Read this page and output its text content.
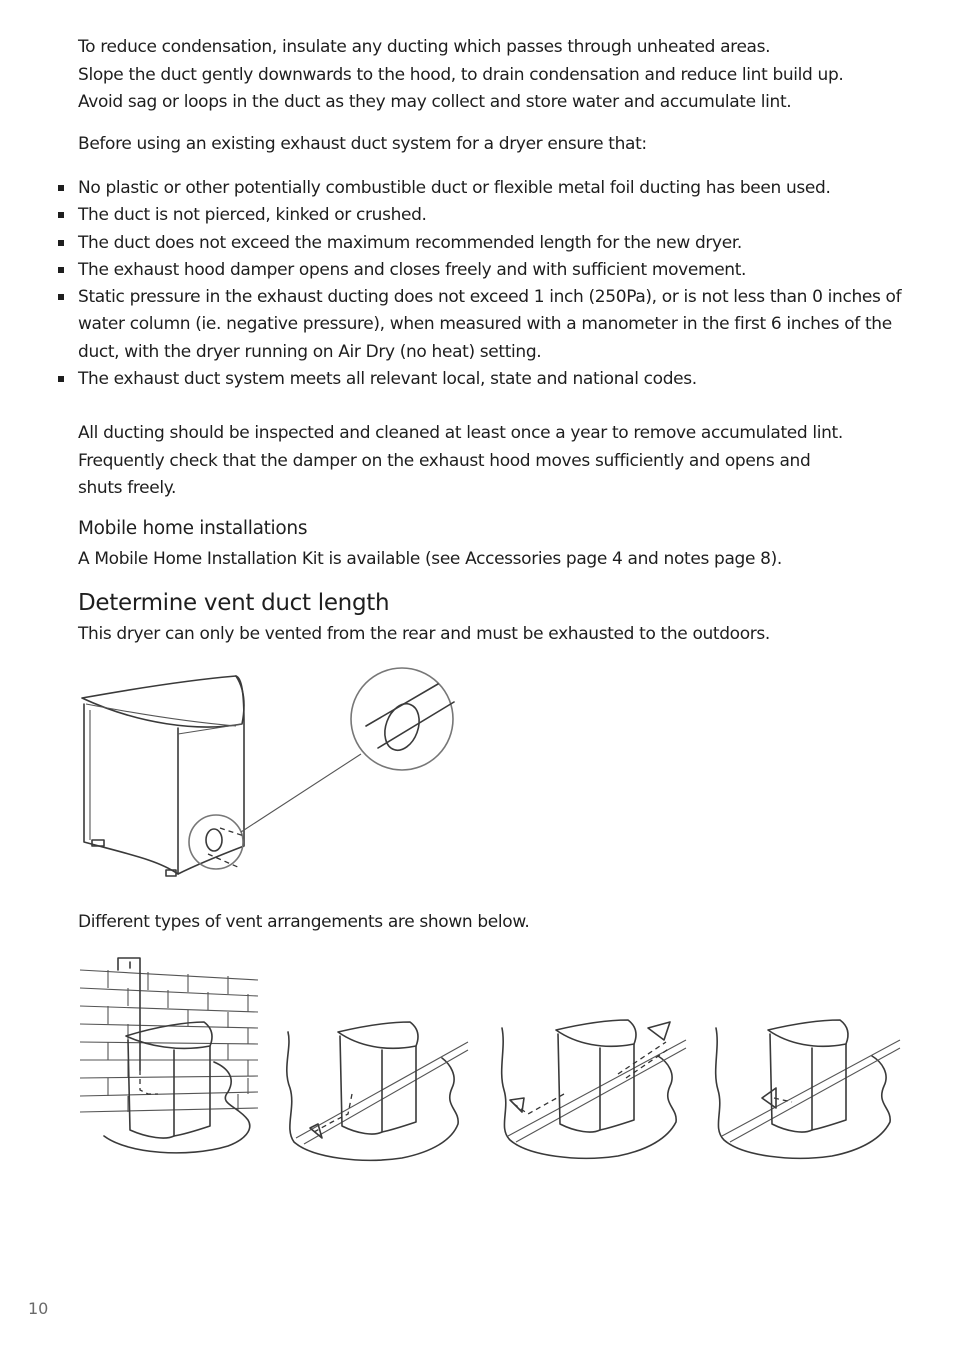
To reduce condensation, insulate any ducting which passes through unheated areas.
Slope the duct gently downwards to the hood, to drain condensation and reduce lint build up.
Avoid sag or loops in the duct as they may collect and store water and accumulate lint.

Before using an existing exhaust duct system for a dryer ensure that:

No plastic or other potentially combustible duct or flexible metal foil ducting has been used.
The duct is not pierced, kinked or crushed.
The duct does not exceed the maximum recommended length for the new dryer.
The exhaust hood damper opens and closes freely and with sufficient movement.
Static pressure in the exhaust ducting does not exceed 1 inch (250Pa), or is not less than 0 inches of water column (ie. negative pressure), when measured with a manometer in the first 6 inches of the duct, with the dryer running on Air Dry (no heat) setting.
The exhaust duct system meets all relevant local, state and national codes.

All ducting should be inspected and cleaned at least once a year to remove accumulated lint.
Frequently check that the damper on the exhaust hood moves sufficiently and opens and
shuts freely.

Mobile home installations

A Mobile Home Installation Kit is available (see Accessories page 4 and notes page 8).

Determine vent duct length

This dryer can only be vented from the rear and must be exhausted to the outdoors.

Different types of vent arrangements are shown below.

10
